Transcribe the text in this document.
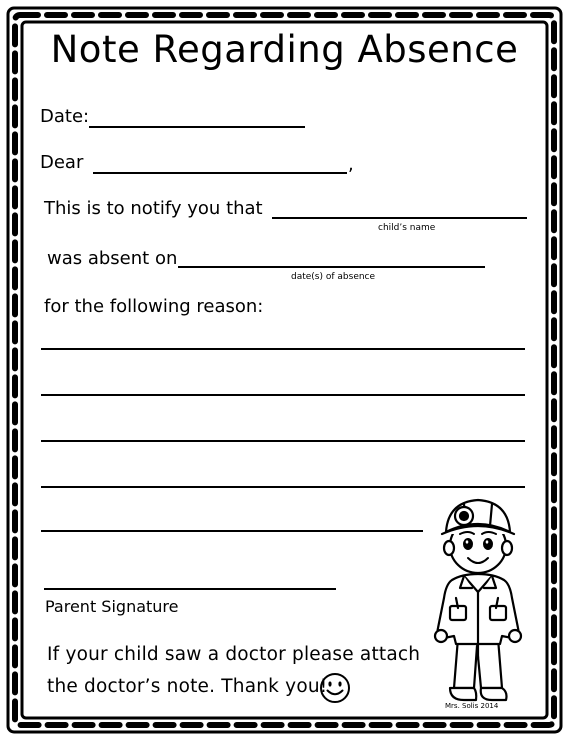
Note Regarding Absence
Date:
Dear	,
This is to notify you that
child’s name
was absent on
date(s) of absence
for the following reason:
Parent Signature
If your child saw a doctor please attach
the doctor’s note. Thank you!
Mrs. Solis 2014
